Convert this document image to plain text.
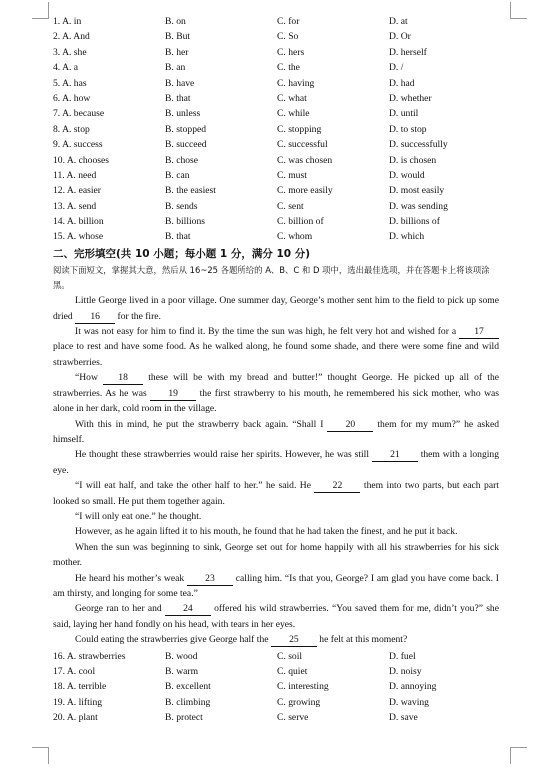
1. A. in	B. on	C. for	D. at
2. A. And	B. But	C. So	D. Or
3. A. she	B. her	C. hers	D. herself
4. A. a	B. an	C. the	D. /
5. A. has	B. have	C. having	D. had
6. A. how	B. that	C. what	D. whether
7. A. because	B. unless	C. while	D. until
8. A. stop	B. stopped	C. stopping	D. to stop
9. A. success	B. succeed	C. successful	D. successfully
10. A. chooses	B. chose	C. was chosen	D. is chosen
11. A. need	B. can	C. must	D. would
12. A. easier	B. the easiest	C. more easily	D. most easily
13. A. send	B. sends	C. sent	D. was sending
14. A. billion	B. billions	C. billion of	D. billions of
15. A. whose	B. that	C. whom	D. which
二、完形填空(共 10 小题；每小题 1 分，满分 10 分)

阅读下面短文，掌握其大意，然后从 16~25 各题所给的 A、B、C 和 D 项中，选出最佳选项，并在答题卡上将该项涂黑。

Little George lived in a poor village. One summer day, George’s mother sent him to the field to pick up some dried 16 for the fire.

It was not easy for him to find it. By the time the sun was high, he felt very hot and wished for a 17 place to rest and have some food. As he walked along, he found some shade, and there were some fine and wild strawberries.

“How 18 these will be with my bread and butter!” thought George. He picked up all of the strawberries. As he was 19 the first strawberry to his mouth, he remembered his sick mother, who was alone in her dark, cold room in the village.

With this in mind, he put the strawberry back again. “Shall I 20 them for my mum?” he asked himself.

He thought these strawberries would raise her spirits. However, he was still 21 them with a longing eye.

“I will eat half, and take the other half to her.” he said. He 22 them into two parts, but each part looked so small. He put them together again.

“I will only eat one.” he thought.

However, as he again lifted it to his mouth, he found that he had taken the finest, and he put it back.

When the sun was beginning to sink, George set out for home happily with all his strawberries for his sick mother.

He heard his mother’s weak 23 calling him. “Is that you, George? I am glad you have come back. I am thirsty, and longing for some tea.”

George ran to her and 24 offered his wild strawberries. “You saved them for me, didn’t you?” she said, laying her hand fondly on his head, with tears in her eyes.

Could eating the strawberries give George half the 25 he felt at this moment?

16. A. strawberries	B. wood	C. soil	D. fuel
17. A. cool	B. warm	C. quiet	D. noisy
18. A. terrible	B. excellent	C. interesting	D. annoying
19. A. lifting	B. climbing	C. growing	D. waving
20. A. plant	B. protect	C. serve	D. save
